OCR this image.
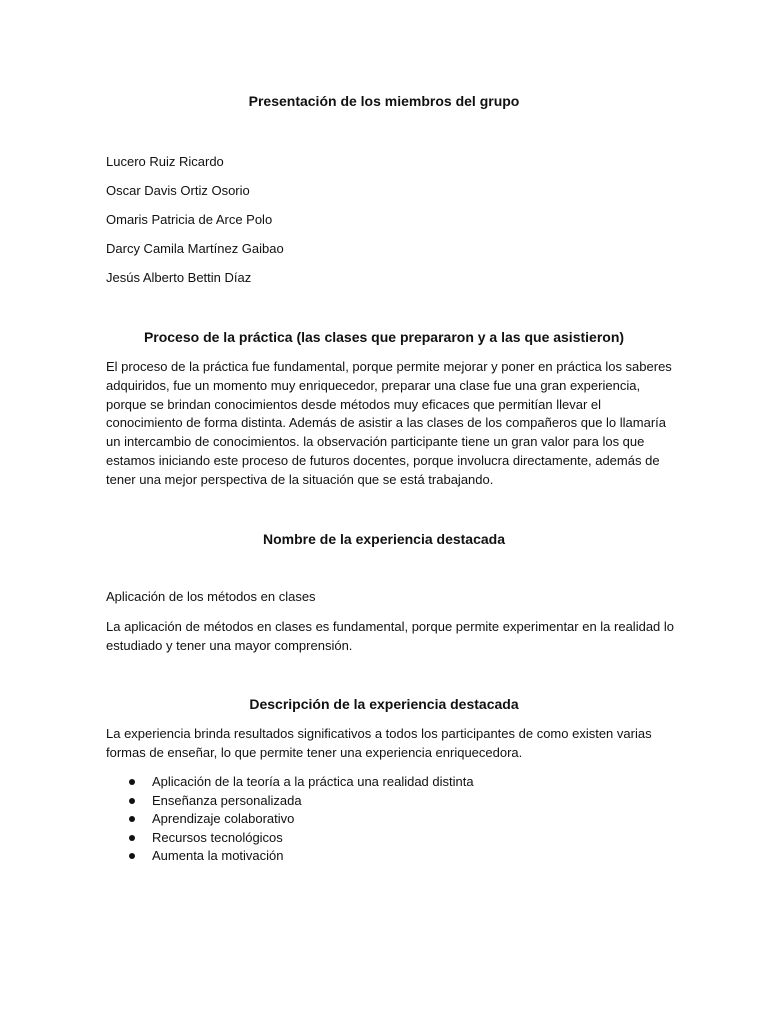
Presentación de los miembros del grupo

Lucero Ruiz Ricardo

Oscar Davis Ortiz Osorio

Omaris Patricia de Arce Polo

Darcy Camila Martínez Gaibao

Jesús Alberto Bettin Díaz

Proceso de la práctica (las clases que prepararon y a las que asistieron)
El proceso de la práctica fue fundamental, porque permite mejorar y poner en práctica los saberes
adquiridos, fue un momento muy enriquecedor, preparar una clase fue una gran experiencia,
porque se brindan conocimientos desde métodos muy eficaces que permitían llevar el
conocimiento de forma distinta. Además de asistir a las clases de los compañeros que lo llamaría
un intercambio de conocimientos. la observación participante tiene un gran valor para los que
estamos iniciando este proceso de futuros docentes, porque involucra directamente, además de
tener una mejor perspectiva de la situación que se está trabajando.
Nombre de la experiencia destacada

Aplicación de los métodos en clases

La aplicación de métodos en clases es fundamental, porque permite experimentar en la realidad lo
estudiado y tener una mayor comprensión.
Descripción de la experiencia destacada
La experiencia brinda resultados significativos a todos los participantes de como existen varias
formas de enseñar, lo que permite tener una experiencia enriquecedora.
Aplicación de la teoría a la práctica una realidad distinta
Enseñanza personalizada
Aprendizaje colaborativo
Recursos tecnológicos
Aumenta la motivación
